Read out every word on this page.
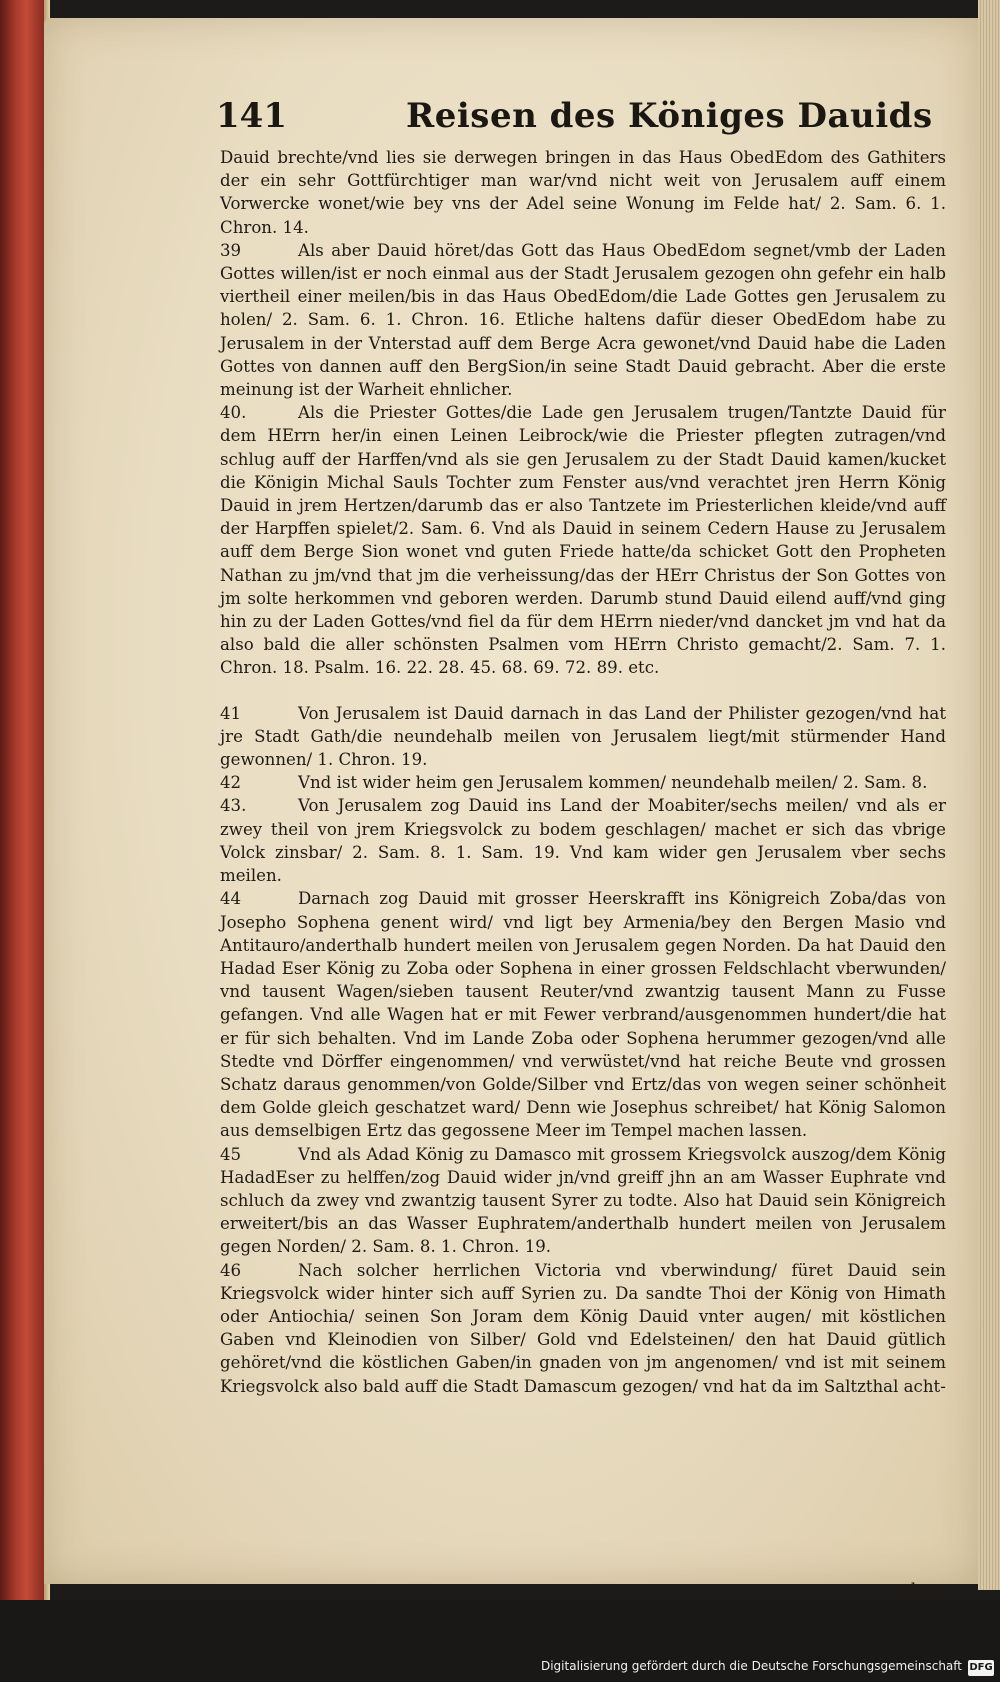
141	Reisen des Königes Dauids

Dauid brechte/vnd lies sie derwegen bringen in das Haus ObedEdom des Gathiters der ein sehr Gottfürchtiger man war/vnd nicht weit von Jerusalem auff einem Vorwercke wonet/wie bey vns der Adel seine Wonung im Felde hat/ 2. Sam. 6. 1. Chron. 14.

39	Als aber Dauid höret/das Gott das Haus ObedEdom segnet/vmb der Laden Gottes willen/ist er noch einmal aus der Stadt Jerusalem gezogen ohn gefehr ein halb viertheil einer meilen/bis in das Haus ObedEdom/die Lade Gottes gen Jerusalem zu holen/ 2. Sam. 6. 1. Chron. 16. Etliche haltens dafür dieser ObedEdom habe zu Jerusalem in der Vnterstad auff dem Berge Acra gewonet/vnd Dauid habe die Laden Gottes von dannen auff den BergSion/in seine Stadt Dauid gebracht. Aber die erste meinung ist der Warheit ehnlicher.

40.	Als die Priester Gottes/die Lade gen Jerusalem trugen/Tantzte Dauid für dem HErrn her/in einen Leinen Leibrock/wie die Priester pflegten zutragen/vnd schlug auff der Harffen/vnd als sie gen Jerusalem zu der Stadt Dauid kamen/kucket die Königin Michal Sauls Tochter zum Fenster aus/vnd verachtet jren Herrn König Dauid in jrem Hertzen/darumb das er also Tantzete im Priesterlichen kleide/vnd auff der Harpffen spielet/2. Sam. 6. Vnd als Dauid in seinem Cedern Hause zu Jerusalem auff dem Berge Sion wonet vnd guten Friede hatte/da schicket Gott den Propheten Nathan zu jm/vnd that jm die verheissung/das der HErr Christus der Son Gottes von jm solte herkommen vnd geboren werden. Darumb stund Dauid eilend auff/vnd ging hin zu der Laden Gottes/vnd fiel da für dem HErrn nieder/vnd dancket jm vnd hat da also bald die aller schönsten Psalmen vom HErrn Christo gemacht/2. Sam. 7. 1. Chron. 18. Psalm. 16. 22. 28. 45. 68. 69. 72. 89. etc.

41	Von Jerusalem ist Dauid darnach in das Land der Philister gezogen/vnd hat jre Stadt Gath/die neundehalb meilen von Jerusalem liegt/mit stürmender Hand gewonnen/ 1. Chron. 19.

42	Vnd ist wider heim gen Jerusalem kommen/ neundehalb meilen/ 2. Sam. 8.

43.	Von Jerusalem zog Dauid ins Land der Moabiter/sechs meilen/ vnd als er zwey theil von jrem Kriegsvolck zu bodem geschlagen/ machet er sich das vbrige Volck zinsbar/ 2. Sam. 8. 1. Sam. 19. Vnd kam wider gen Jerusalem vber sechs meilen.

44	Darnach zog Dauid mit grosser Heerskrafft ins Königreich Zoba/das von Josepho Sophena genent wird/ vnd ligt bey Armenia/bey den Bergen Masio vnd Antitauro/anderthalb hundert meilen von Jerusalem gegen Norden. Da hat Dauid den Hadad Eser König zu Zoba oder Sophena in einer grossen Feldschlacht vberwunden/ vnd tausent Wagen/sieben tausent Reuter/vnd zwantzig tausent Mann zu Fusse gefangen. Vnd alle Wagen hat er mit Fewer verbrand/ausgenommen hundert/die hat er für sich behalten. Vnd im Lande Zoba oder Sophena herummer gezogen/vnd alle Stedte vnd Dörffer eingenommen/ vnd verwüstet/vnd hat reiche Beute vnd grossen Schatz daraus genommen/von Golde/Silber vnd Ertz/das von wegen seiner schönheit dem Golde gleich geschatzet ward/ Denn wie Josephus schreibet/ hat König Salomon aus demselbigen Ertz das gegossene Meer im Tempel machen lassen.

45	Vnd als Adad König zu Damasco mit grossem Kriegsvolck auszog/dem König HadadEser zu helffen/zog Dauid wider jn/vnd greiff jhn an am Wasser Euphrate vnd schluch da zwey vnd zwantzig tausent Syrer zu todte. Also hat Dauid sein Königreich erweitert/bis an das Wasser Euphratem/anderthalb hundert meilen von Jerusalem gegen Norden/ 2. Sam. 8. 1. Chron. 19.

46	Nach solcher herrlichen Victoria vnd vberwindung/ füret Dauid sein Kriegsvolck wider hinter sich auff Syrien zu. Da sandte Thoi der König von Himath oder Antiochia/ seinen Son Joram dem König Dauid vnter augen/ mit köstlichen Gaben vnd Kleinodien von Silber/ Gold vnd Edelsteinen/ den hat Dauid gütlich gehöret/vnd die köstlichen Gaben/in gnaden von jm angenomen/ vnd ist mit seinem Kriegsvolck also bald auff die Stadt Damascum gezogen/ vnd hat da im Saltzthal acht-

zehen
Digitalisierung gefördert durch die Deutsche Forschungsgemeinschaft DFG
